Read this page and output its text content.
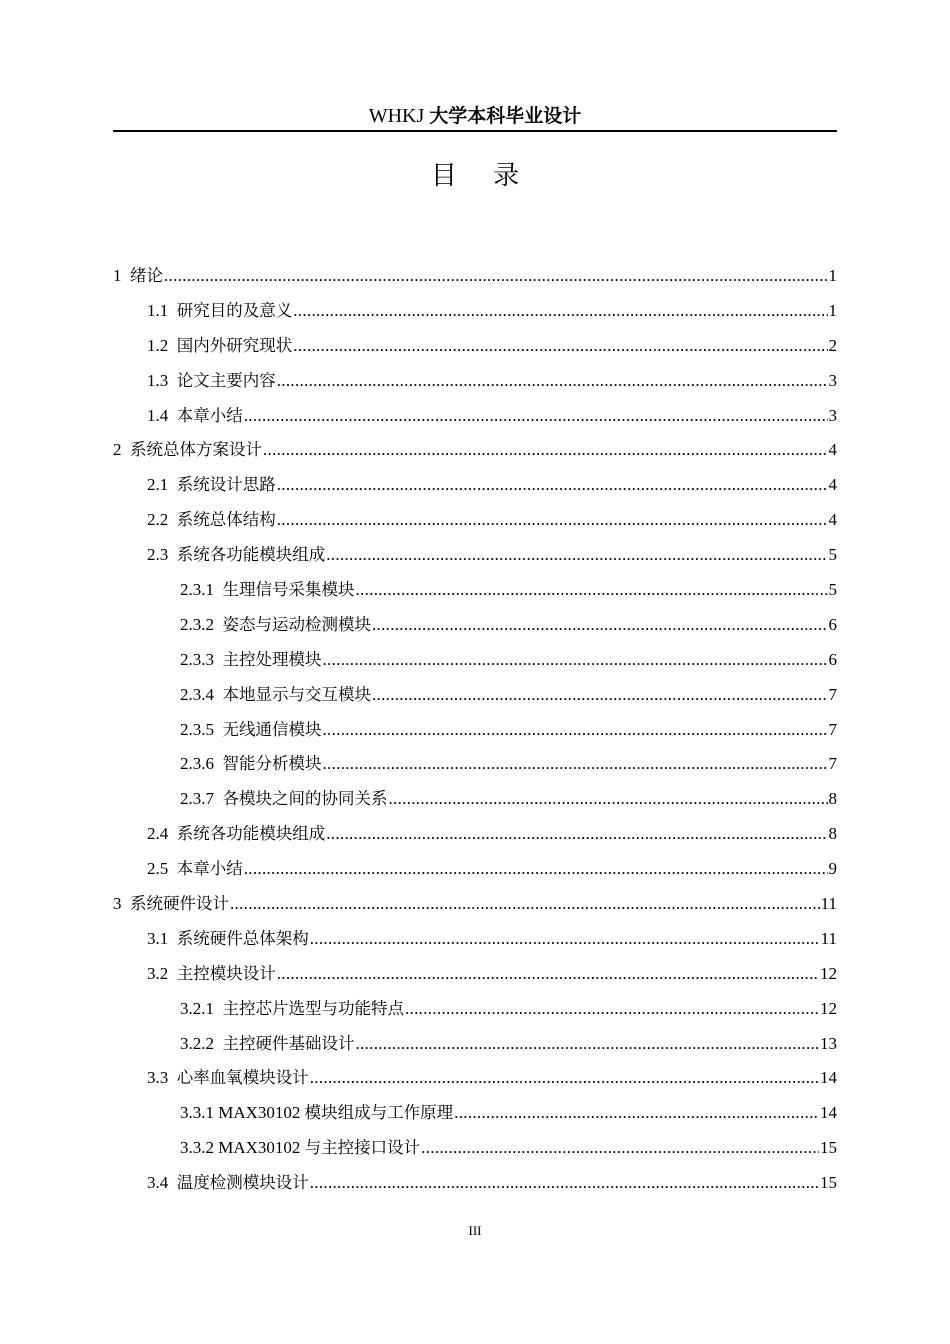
WHKJ 大学本科毕业设计
目 录
1 绪论 .....	1
1.1 研究目的及意义 .....	1
1.2 国内外研究现状 .....	2
1.3 论文主要内容 .....	3
1.4 本章小结 .....	3
2 系统总体方案设计 .....	4
2.1 系统设计思路 .....	4
2.2 系统总体结构 .....	4
2.3 系统各功能模块组成 .....	5
2.3.1 生理信号采集模块 .....	5
2.3.2 姿态与运动检测模块 .....	6
2.3.3 主控处理模块 .....	6
2.3.4 本地显示与交互模块 .....	7
2.3.5 无线通信模块 .....	7
2.3.6 智能分析模块 .....	7
2.3.7 各模块之间的协同关系 .....	8
2.4 系统各功能模块组成 .....	8
2.5 本章小结 .....	9
3 系统硬件设计 .....	11
3.1 系统硬件总体架构 .....	11
3.2 主控模块设计 .....	12
3.2.1 主控芯片选型与功能特点 .....	12
3.2.2 主控硬件基础设计 .....	13
3.3 心率血氧模块设计 .....	14
3.3.1 MAX30102 模块组成与工作原理 .....	14
3.3.2 MAX30102 与主控接口设计 .....	15
3.4 温度检测模块设计 .....	15
III
